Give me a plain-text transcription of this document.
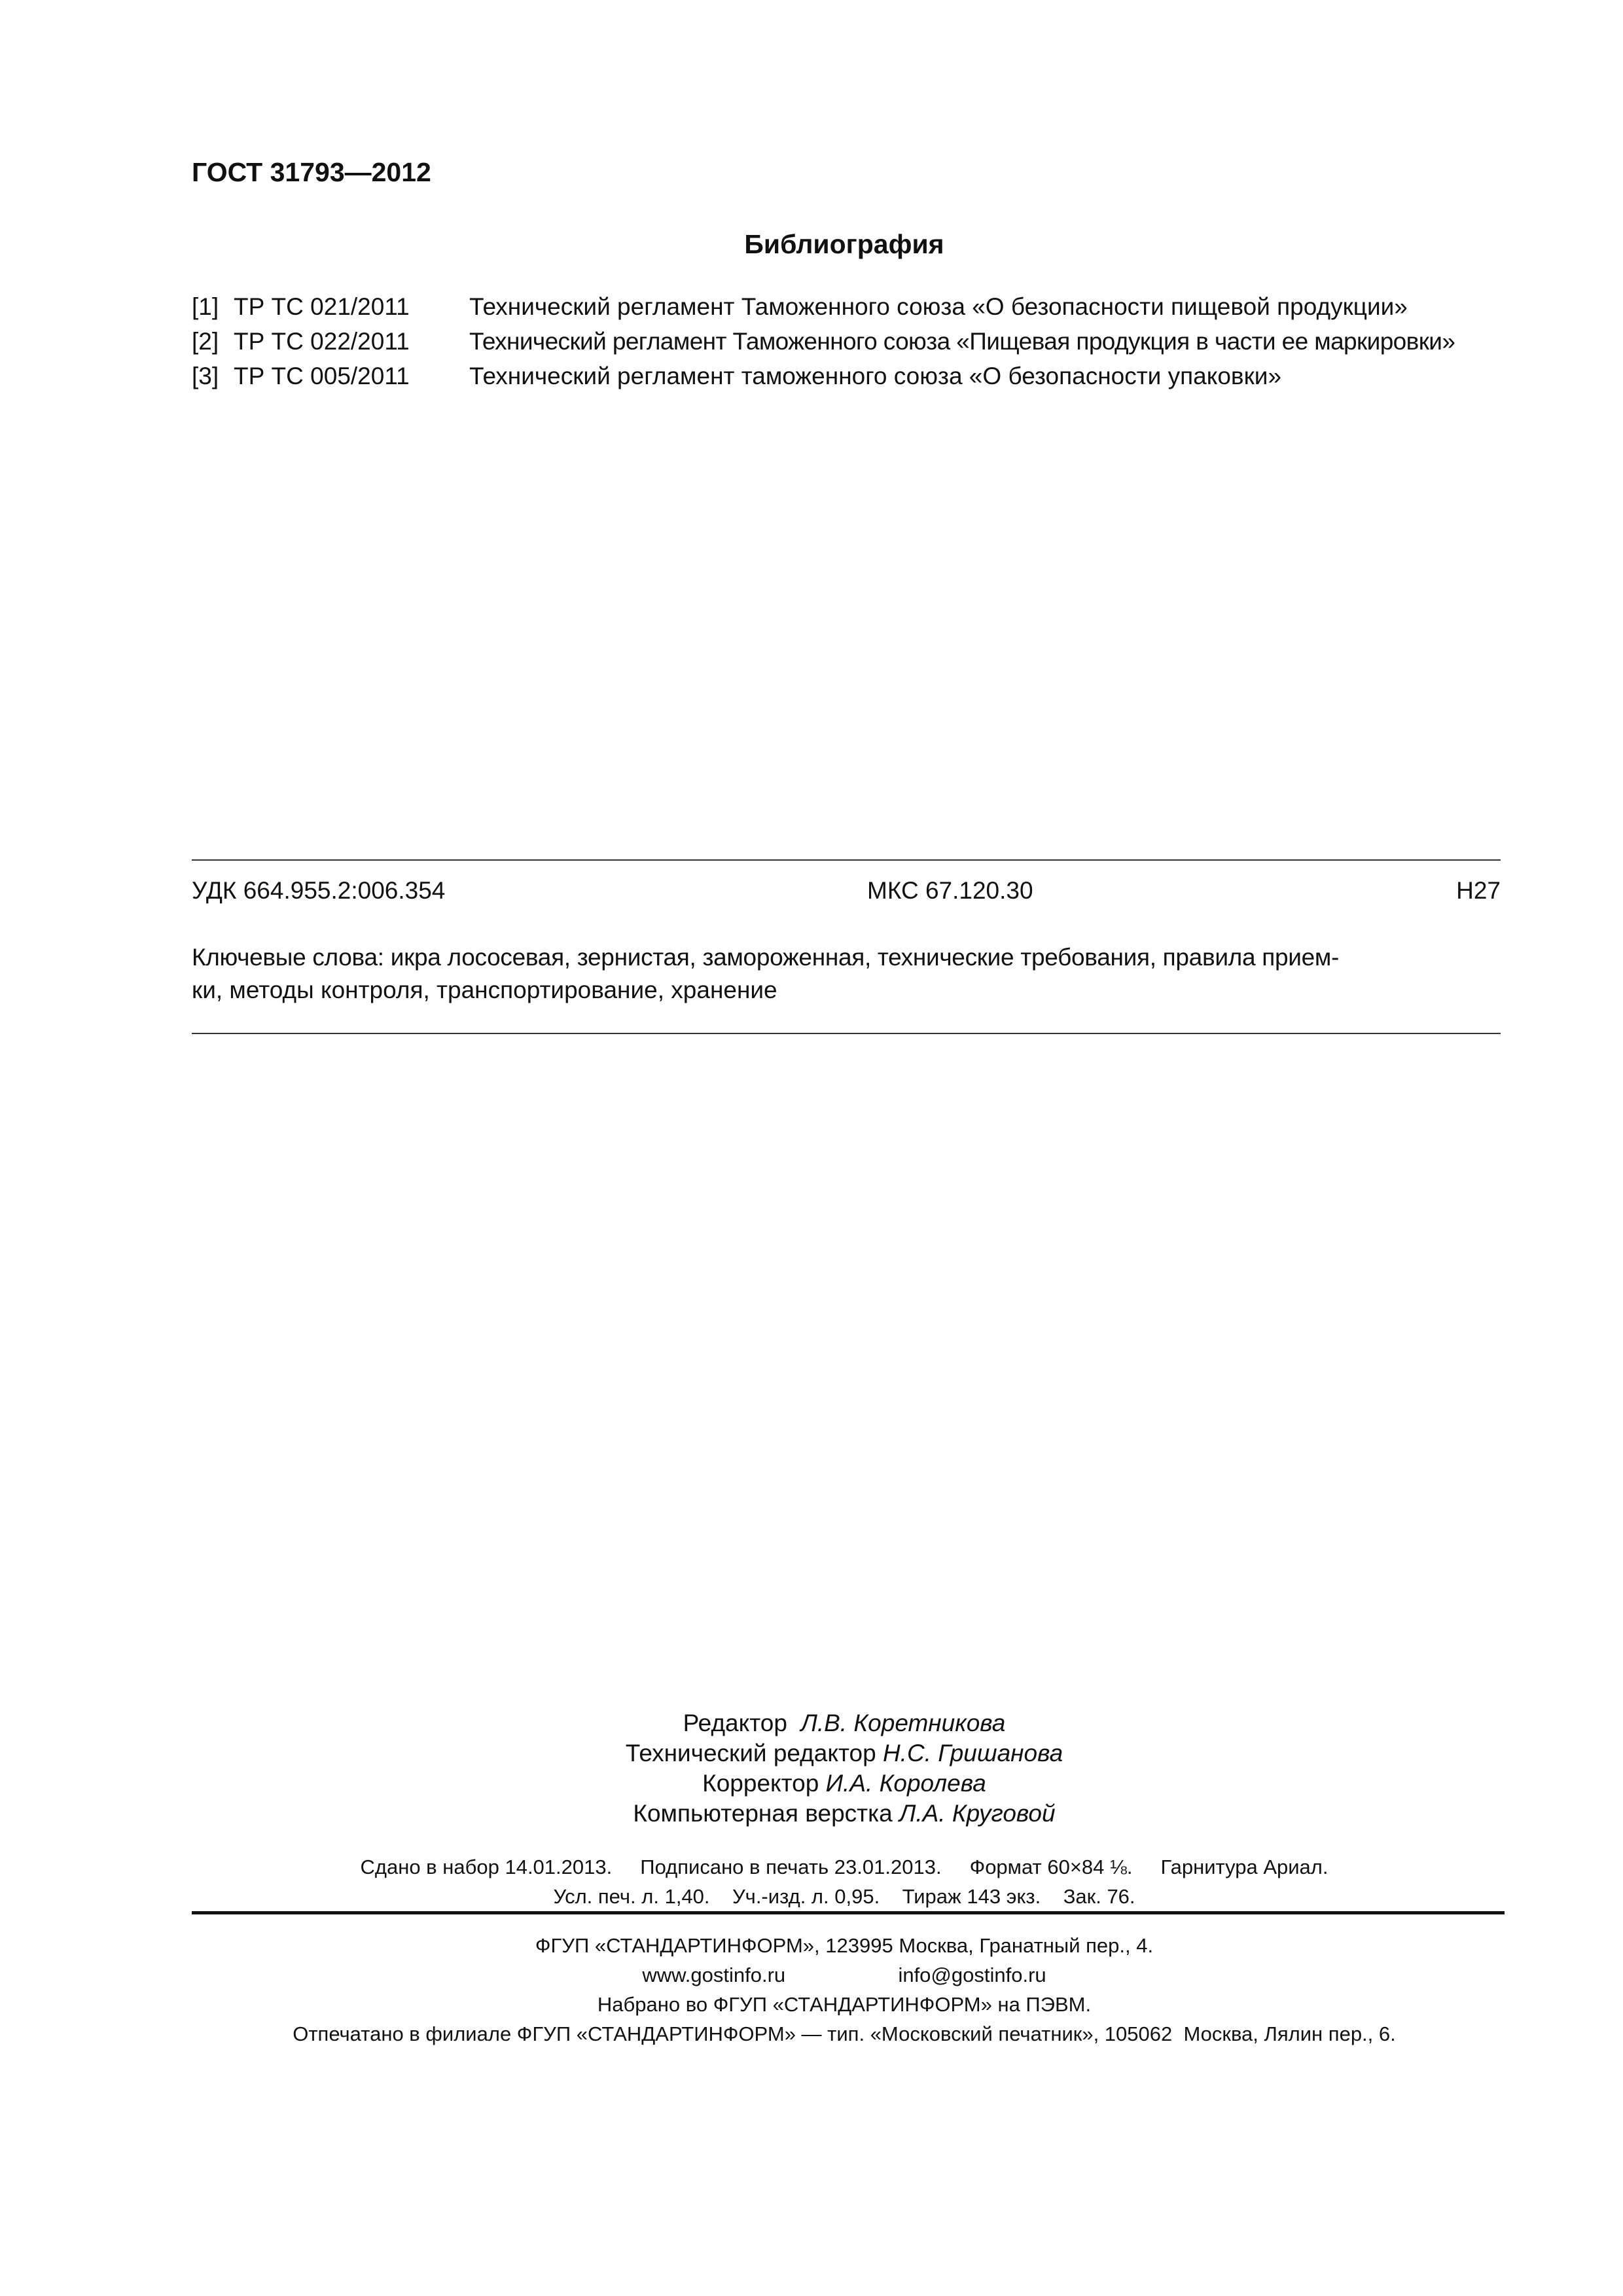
ГОСТ 31793—2012
Библиография
[1] ТР ТС 021/2011 Технический регламент Таможенного союза «О безопасности пищевой продукции»
[2] ТР ТС 022/2011 Технический регламент Таможенного союза «Пищевая продукция в части ее маркировки»
[3] ТР ТС 005/2011 Технический регламент таможенного союза «О безопасности упаковки»
УДК 664.955.2:006.354	МКС 67.120.30	Н27
Ключевые слова: икра лососевая, зернистая, замороженная, технические требования, правила прием-
ки, методы контроля, транспортирование, хранение
Редактор Л.В. Коретникова
Технический редактор Н.С. Гришанова
Корректор И.А. Королева
Компьютерная верстка Л.А. Круговой
Сдано в набор 14.01.2013.     Подписано в печать 23.01.2013.     Формат 60×84 ⅛.     Гарнитура Ариал.
Усл. печ. л. 1,40.    Уч.-изд. л. 0,95.    Тираж 143 экз.    Зак. 76.
ФГУП «СТАНДАРТИНФОРМ», 123995 Москва, Гранатный пер., 4.
www.gostinfo.ru	info@gostinfo.ru
Набрано во ФГУП «СТАНДАРТИНФОРМ» на ПЭВМ.
Отпечатано в филиале ФГУП «СТАНДАРТИНФОРМ» — тип. «Московский печатник», 105062  Москва, Лялин пер., 6.
